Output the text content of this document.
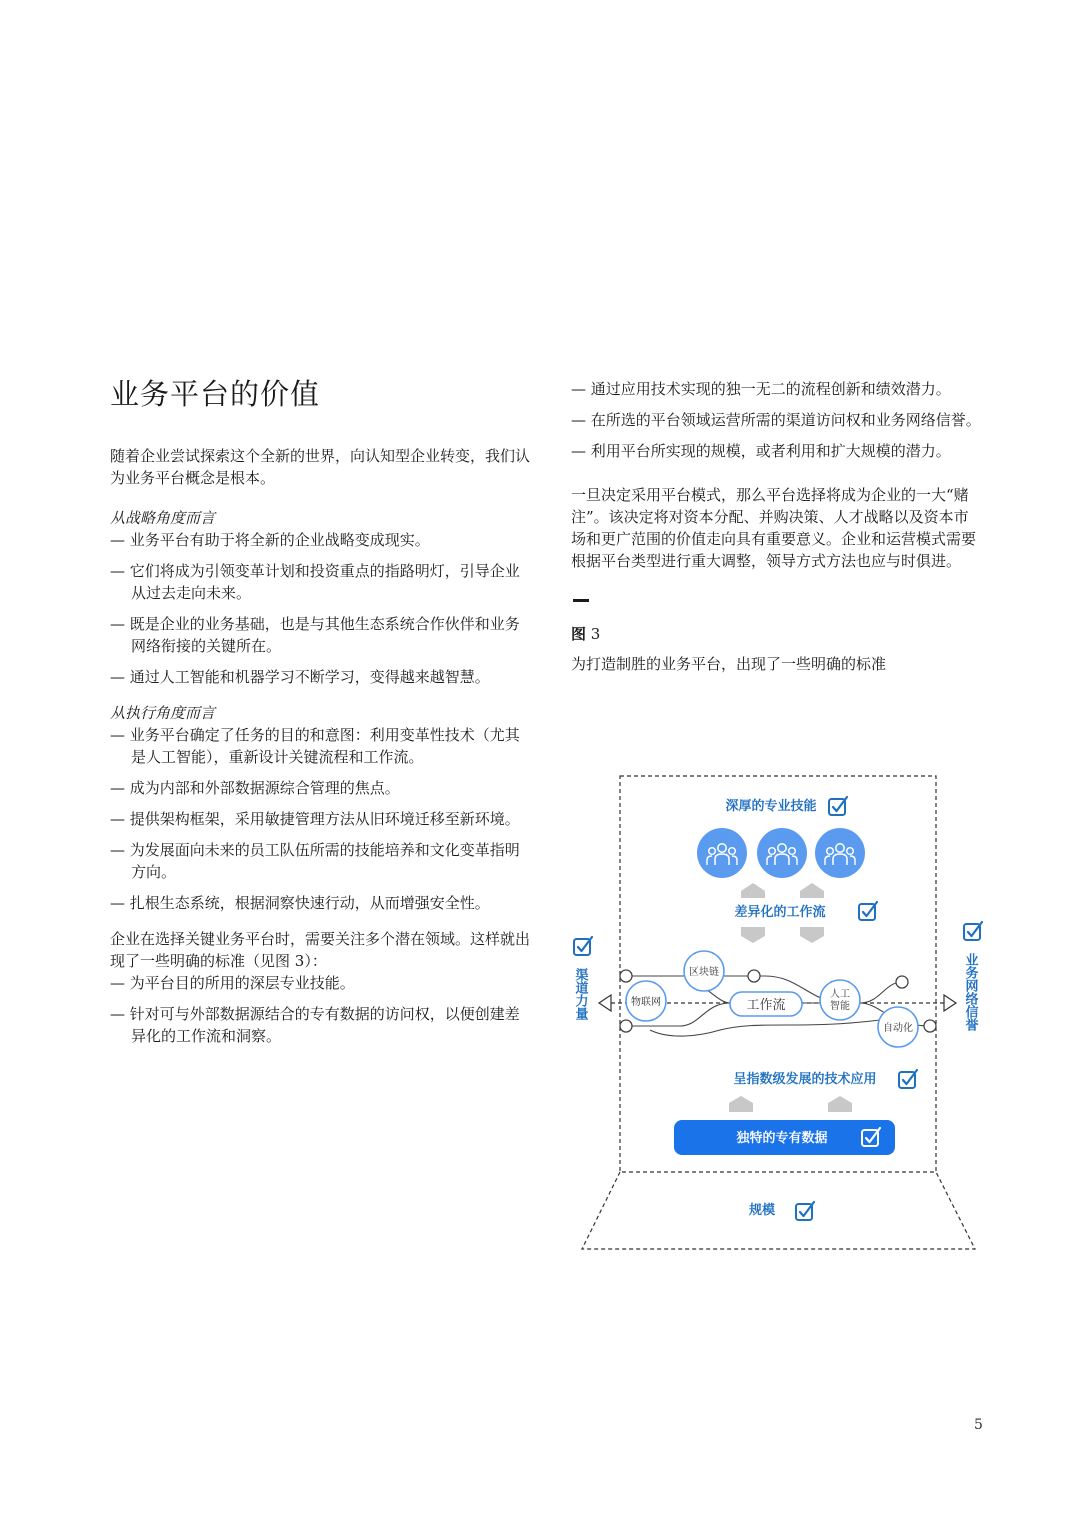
业务平台的价值

随着企业尝试探索这个全新的世界，向认知型企业转变，我们认为业务平台概念是根本。

从战略角度而言

— 业务平台有助于将全新的企业战略变成现实。
— 它们将成为引领变革计划和投资重点的指路明灯，引导企业从过去走向未来。
— 既是企业的业务基础，也是与其他生态系统合作伙伴和业务网络衔接的关键所在。
— 通过人工智能和机器学习不断学习，变得越来越智慧。

从执行角度而言

— 业务平台确定了任务的目的和意图：利用变革性技术（尤其是人工智能），重新设计关键流程和工作流。
— 成为内部和外部数据源综合管理的焦点。
— 提供架构框架，采用敏捷管理方法从旧环境迁移至新环境。
— 为发展面向未来的员工队伍所需的技能培养和文化变革指明方向。
— 扎根生态系统，根据洞察快速行动，从而增强安全性。

企业在选择关键业务平台时，需要关注多个潜在领域。这样就出现了一些明确的标准（见图 3）：

— 为平台目的所用的深层专业技能。
— 针对可与外部数据源结合的专有数据的访问权，以便创建差异化的工作流和洞察。
— 通过应用技术实现的独一无二的流程创新和绩效潜力。
— 在所选的平台领域运营所需的渠道访问权和业务网络信誉。
— 利用平台所实现的规模，或者利用和扩大规模的潜力。

一旦决定采用平台模式，那么平台选择将成为企业的一大“赌注”。该决定将对资本分配、并购决策、人才战略以及资本市场和更广范围的价值走向具有重要意义。企业和运营模式需要根据平台类型进行重大调整，领导方式方法也应与时俱进。

图 3

为打造制胜的业务平台，出现了一些明确的标准

深厚的专业技能
差异化的工作流
渠道
力量
业务网络
信誉
区块链
物联网
人工
智能
自动化
工作流
呈指数级发展的技术应用
独特的专有数据
规模
5
